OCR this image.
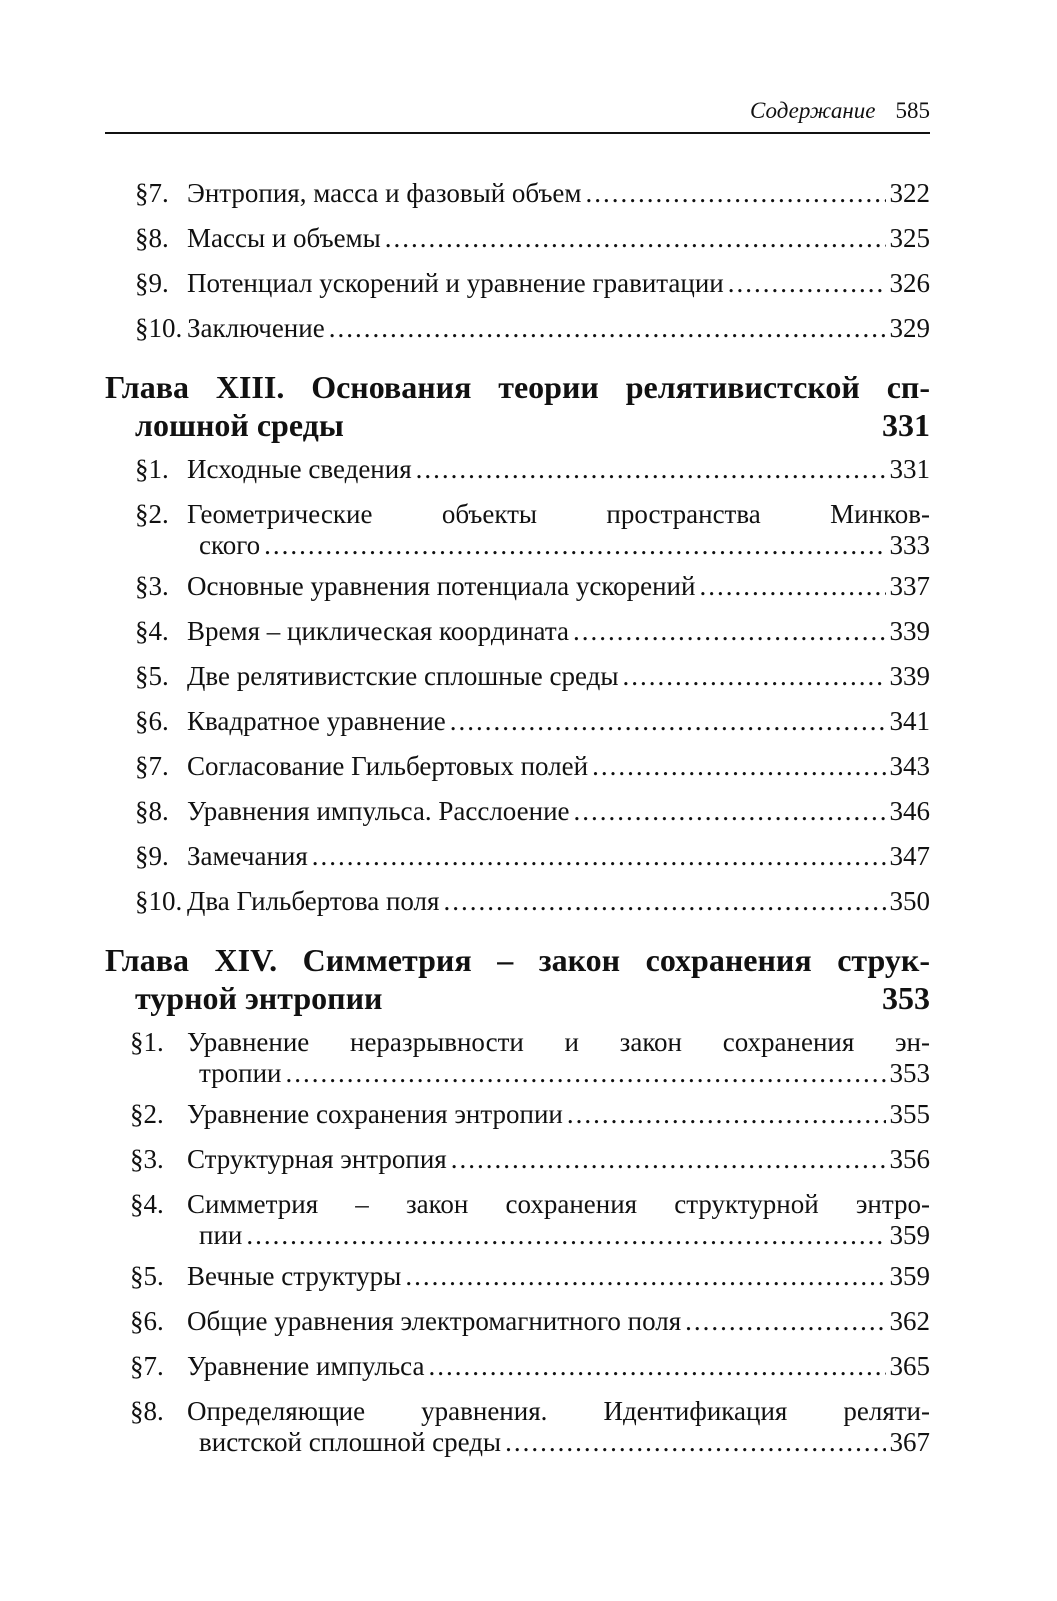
Содержание 585
§7. Энтропия, масса и фазовый объем .....	322
§8. Массы и объемы .....	325
§9. Потенциал ускорений и уравнение гравитации .....	326
§10. Заключение .....	329
Глава XIII. Основания теории релятивистской сп-
лошной среды	331
§1. Исходные сведения .....	331
§2. Геометрические объекты пространства Минков-
ского .....	333
§3. Основные уравнения потенциала ускорений .....	337
§4. Время – циклическая координата .....	339
§5. Две релятивистские сплошные среды .....	339
§6. Квадратное уравнение .....	341
§7. Согласование Гильбертовых полей .....	343
§8. Уравнения импульса. Расслоение .....	346
§9. Замечания .....	347
§10. Два Гильбертова поля .....	350
Глава XIV. Симметрия – закон сохранения струк-
турной энтропии	353
§1. Уравнение неразрывности и закон сохранения эн-
тропии .....	353
§2. Уравнение сохранения энтропии .....	355
§3. Структурная энтропия .....	356
§4. Симметрия – закон сохранения структурной энтро-
пии .....	359
§5. Вечные структуры .....	359
§6. Общие уравнения электромагнитного поля .....	362
§7. Уравнение импульса .....	365
§8. Определяющие уравнения. Идентификация реляти-
вистской сплошной среды .....	367
